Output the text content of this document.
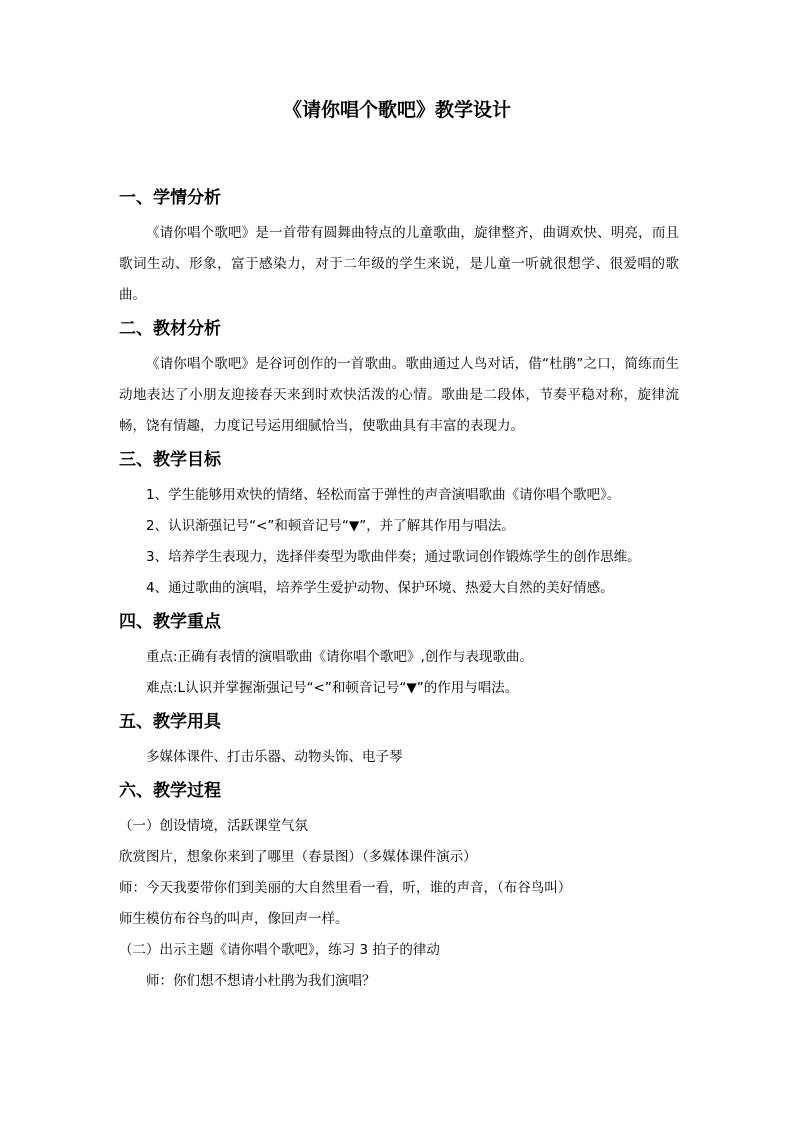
《请你唱个歌吧》教学设计
一、学情分析

《请你唱个歌吧》是一首带有圆舞曲特点的儿童歌曲，旋律整齐，曲调欢快、明亮，而且歌词生动、形象，富于感染力，对于二年级的学生来说，是儿童一听就很想学、很爱唱的歌曲。

二、教材分析

《请你唱个歌吧》是谷诃创作的一首歌曲。歌曲通过人鸟对话，借“杜鹃”之口，简练而生动地表达了小朋友迎接春天来到时欢快活泼的心情。歌曲是二段体，节奏平稳对称，旋律流畅，饶有情趣，力度记号运用细腻恰当，使歌曲具有丰富的表现力。

三、教学目标
1、学生能够用欢快的情绪、轻松而富于弹性的声音演唱歌曲《请你唱个歌吧》。
2、认识渐强记号“<”和顿音记号“▼”，并了解其作用与唱法。
3、培养学生表现力，选择伴奏型为歌曲伴奏；通过歌词创作锻炼学生的创作思维。
4、通过歌曲的演唱，培养学生爱护动物、保护环境、热爱大自然的美好情感。
四、教学重点
重点:正确有表情的演唱歌曲《请你唱个歌吧》,创作与表现歌曲。
难点:L认识并掌握渐强记号“<”和顿音记号“▼”的作用与唱法。
五、教学用具
多媒体课件、打击乐器、动物头饰、电子琴
六、教学过程
（一）创设情境，活跃课堂气氛
欣赏图片，想象你来到了哪里（春景图）（多媒体课件演示）
师：今天我要带你们到美丽的大自然里看一看，听，谁的声音，（布谷鸟叫）
师生模仿布谷鸟的叫声，像回声一样。
（二）出示主题《请你唱个歌吧》，练习 3 拍子的律动
师：你们想不想请小杜鹃为我们演唱？
